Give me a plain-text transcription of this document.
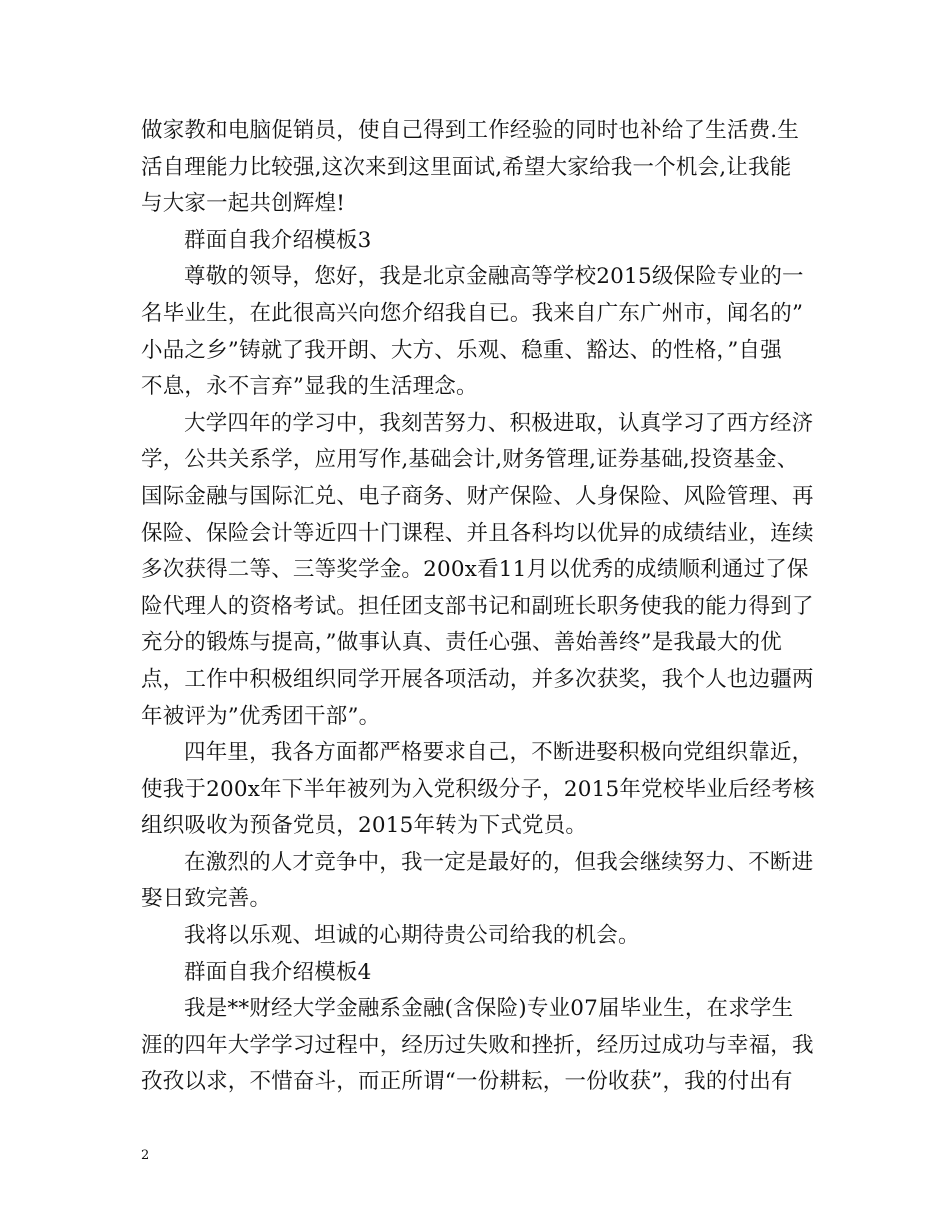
做家教和电脑促销员，使自己得到工作经验的同时也补给了生活费.生
活自理能力比较强,这次来到这里面试,希望大家给我一个机会,让我能
与大家一起共创辉煌!
群面自我介绍模板3
尊敬的领导，您好，我是北京金融高等学校2015级保险专业的一
名毕业生，在此很高兴向您介绍我自已。我来自广东广州市，闻名的”
小品之乡”铸就了我开朗、大方、乐观、稳重、豁达、的性格，”自强
不息，永不言弃”显我的生活理念。
大学四年的学习中，我刻苦努力、积极进取，认真学习了西方经济
学，公共关系学，应用写作,基础会计,财务管理,证券基础,投资基金、
国际金融与国际汇兑、电子商务、财产保险、人身保险、风险管理、再
保险、保险会计等近四十门课程、并且各科均以优异的成绩结业，连续
多次获得二等、三等奖学金。200x看11月以优秀的成绩顺利通过了保
险代理人的资格考试。担任团支部书记和副班长职务使我的能力得到了
充分的锻炼与提高，”做事认真、责任心强、善始善终”是我最大的优
点，工作中积极组织同学开展各项活动，并多次获奖，我个人也边疆两
年被评为”优秀团干部”。
四年里，我各方面都严格要求自己，不断进娶积极向党组织靠近，
使我于200x年下半年被列为入党积级分子，2015年党校毕业后经考核
组织吸收为预备党员，2015年转为下式党员。
在激烈的人才竞争中，我一定是最好的，但我会继续努力、不断进
娶日致完善。
我将以乐观、坦诚的心期待贵公司给我的机会。
群面自我介绍模板4
我是**财经大学金融系金融(含保险)专业07届毕业生，在求学生
涯的四年大学学习过程中，经历过失败和挫折，经历过成功与幸福，我
孜孜以求，不惜奋斗，而正所谓“一份耕耘，一份收获”，我的付出有
2
